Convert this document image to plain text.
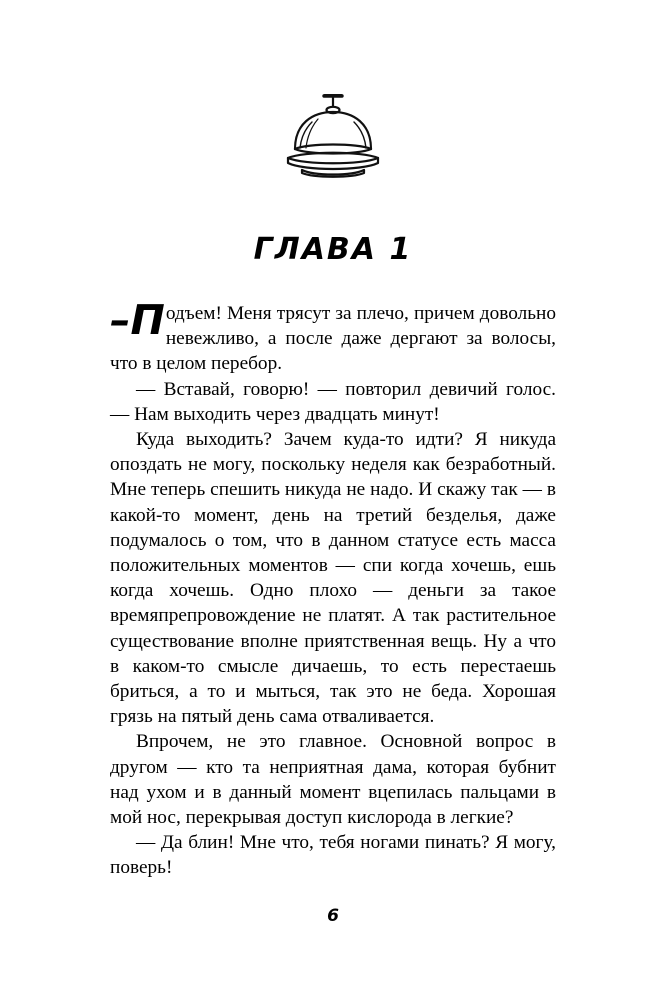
ГЛАВА 1

–П одъем! Меня трясут за плечо, причем довольно невежливо, а после даже дергают за волосы, что в целом перебор.

— Вставай, говорю! — повторил девичий голос. — Нам выходить через двадцать минут!

Куда выходить? Зачем куда-то идти? Я никуда опоздать не могу, поскольку неделя как безработный. Мне теперь спешить никуда не надо. И скажу так — в какой-то момент, день на третий безделья, даже подумалось о том, что в данном статусе есть масса положительных моментов — спи когда хочешь, ешь когда хочешь. Одно плохо — деньги за такое времяпрепровождение не платят. А так растительное существование вполне приятственная вещь. Ну а что в каком-то смысле дичаешь, то есть перестаешь бриться, а то и мыться, так это не беда. Хорошая грязь на пятый день сама отваливается.

Впрочем, не это главное. Основной вопрос в другом — кто та неприятная дама, которая бубнит над ухом и в данный момент вцепилась пальцами в мой нос, перекрывая доступ кислорода в легкие?

— Да блин! Мне что, тебя ногами пинать? Я могу, поверь!

6
